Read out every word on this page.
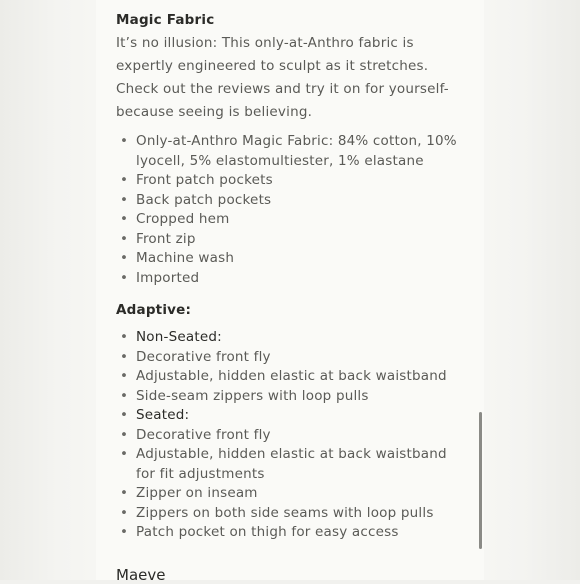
Magic Fabric

It’s no illusion: This only-at-Anthro fabric is expertly engineered to sculpt as it stretches. Check out the reviews and try it on for yourself- because seeing is believing.

• Only-at-Anthro Magic Fabric: 84% cotton, 10% lyocell, 5% elastomultiester, 1% elastane
• Front patch pockets
• Back patch pockets
• Cropped hem
• Front zip
• Machine wash
• Imported
Adaptive:
• Non-Seated:
• Decorative front fly
• Adjustable, hidden elastic at back waistband
• Side-seam zippers with loop pulls
• Seated:
• Decorative front fly
• Adjustable, hidden elastic at back waistband for fit adjustments
• Zipper on inseam
• Zippers on both side seams with loop pulls
• Patch pocket on thigh for easy access
Maeve
